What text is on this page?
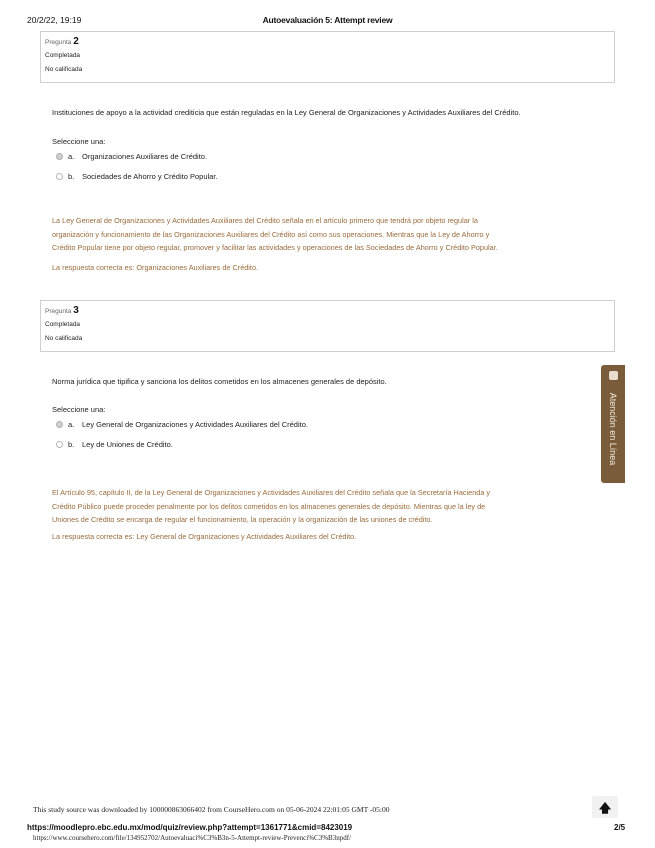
20/2/22, 19:19	Autoevaluación 5: Attempt review
Pregunta 2
Completada
No calificada
Instituciones de apoyo a la actividad crediticia que están reguladas en la Ley General de Organizaciones y Actividades Auxiliares del Crédito.
Seleccione una:
a.	Organizaciones Auxiliares de Crédito.
b.	Sociedades de Ahorro y Crédito Popular.
La Ley General de Organizaciones y Actividades Auxiliares del Crédito señala en el artículo primero que tendrá por objeto regular la
organización y funcionamiento de las Organizaciones Auxiliares del Crédito así como sus operaciones. Mientras que la Ley de Ahorro y
Crédito Popular tiene por objeto regular, promover y facilitar las actividades y operaciones de las Sociedades de Ahorro y Crédito Popular.
La respuesta correcta es: Organizaciones Auxiliares de Crédito.
Pregunta 3
Completada
No calificada
Norma jurídica que tipifica y sanciona los delitos cometidos en los almacenes generales de depósito.
Seleccione una:
a.	Ley General de Organizaciones y Actividades Auxiliares del Crédito.
b.	Ley de Uniones de Crédito.
El Artículo 95, capítulo II, de la Ley General de Organizaciones y Actividades Auxiliares del Crédito señala que la Secretaría Hacienda y
Crédito Público puede proceder penalmente por los delitos cometidos en los almacenes generales de depósito. Mientras que la ley de
Uniones de Crédito se encarga de regular el funcionamiento, la operación y la organización de las uniones de crédito.
La respuesta correcta es: Ley General de Organizaciones y Actividades Auxiliares del Crédito.
Atención en Línea
This study source was downloaded by 100000863066402 from CourseHero.com on 05-06-2024 22:01:05 GMT -05:00	🡅
https://moodlepro.ebc.edu.mx/mod/quiz/review.php?attempt=1361771&cmid=8423019	2/5
https://www.coursehero.com/file/134952702/Autoevaluaci%C3%B3n-5-Attempt-review-Prevenci%C3%B3npdf/
